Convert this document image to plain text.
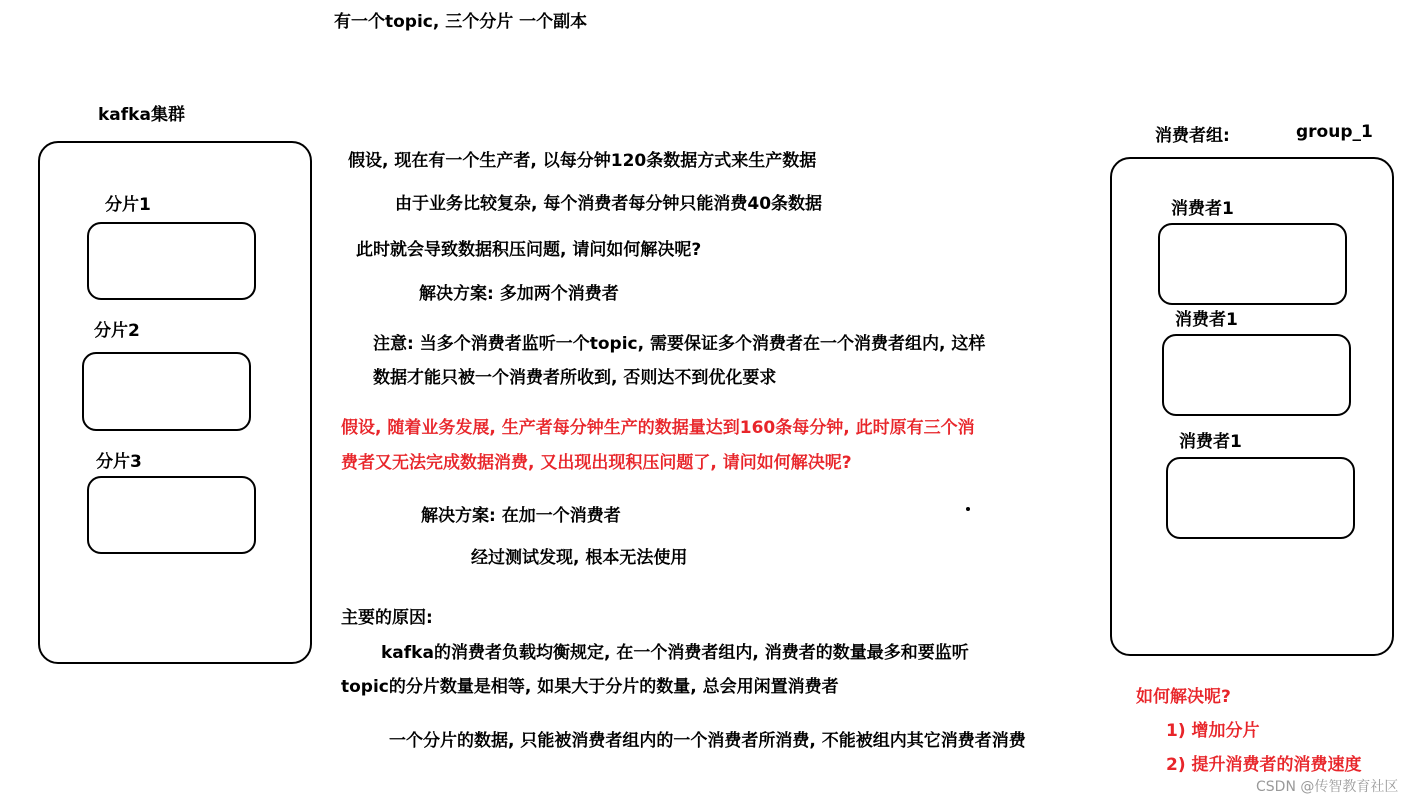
有一个topic, 三个分片 一个副本
kafka集群
分片1
分片2
分片3
假设, 现在有一个生产者, 以每分钟120条数据方式来生产数据
由于业务比较复杂, 每个消费者每分钟只能消费40条数据
此时就会导致数据积压问题, 请问如何解决呢?
解决方案: 多加两个消费者
注意: 当多个消费者监听一个topic, 需要保证多个消费者在一个消费者组内, 这样
数据才能只被一个消费者所收到, 否则达不到优化要求
假设, 随着业务发展, 生产者每分钟生产的数据量达到160条每分钟, 此时原有三个消
费者又无法完成数据消费, 又出现出现积压问题了, 请问如何解决呢?
解决方案: 在加一个消费者
经过测试发现, 根本无法使用
主要的原因:
kafka的消费者负载均衡规定, 在一个消费者组内, 消费者的数量最多和要监听
topic的分片数量是相等, 如果大于分片的数量, 总会用闲置消费者
一个分片的数据, 只能被消费者组内的一个消费者所消费, 不能被组内其它消费者消费
消费者组:	group_1
消费者1
消费者1
消费者1
如何解决呢?
1) 增加分片
2) 提升消费者的消费速度
CSDN @传智教育社区
